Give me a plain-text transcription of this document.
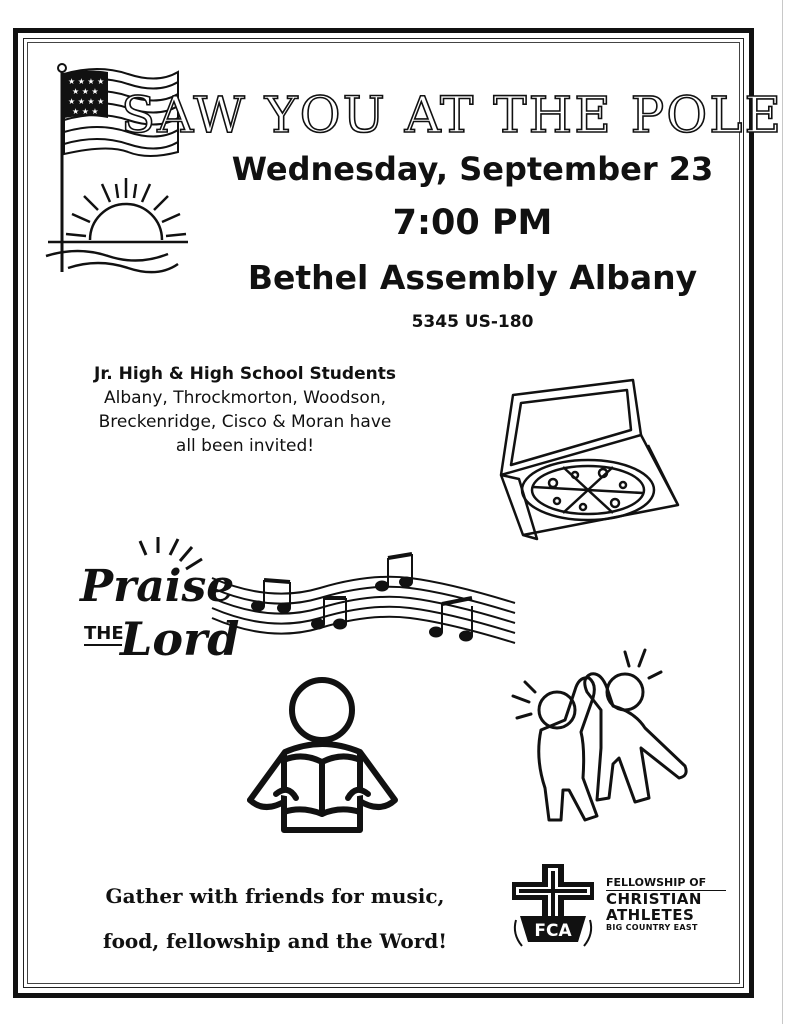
★ ★ ★ ★
★ ★ ★
★ ★ ★ ★
★ ★ ★ SAW YOU AT THE POLE
Wednesday, September 23
7:00 PM
Bethel Assembly Albany
5345 US-180
Jr. High & High School Students
Albany, Throckmorton, Woodson,
Breckenridge, Cisco & Moran have
all been invited!
Praise
THE
Lord
Gather with friends for music,
food, fellowship and the Word!	FCA
FELLOWSHIP OF
CHRISTIAN
ATHLETES
BIG COUNTRY EAST
